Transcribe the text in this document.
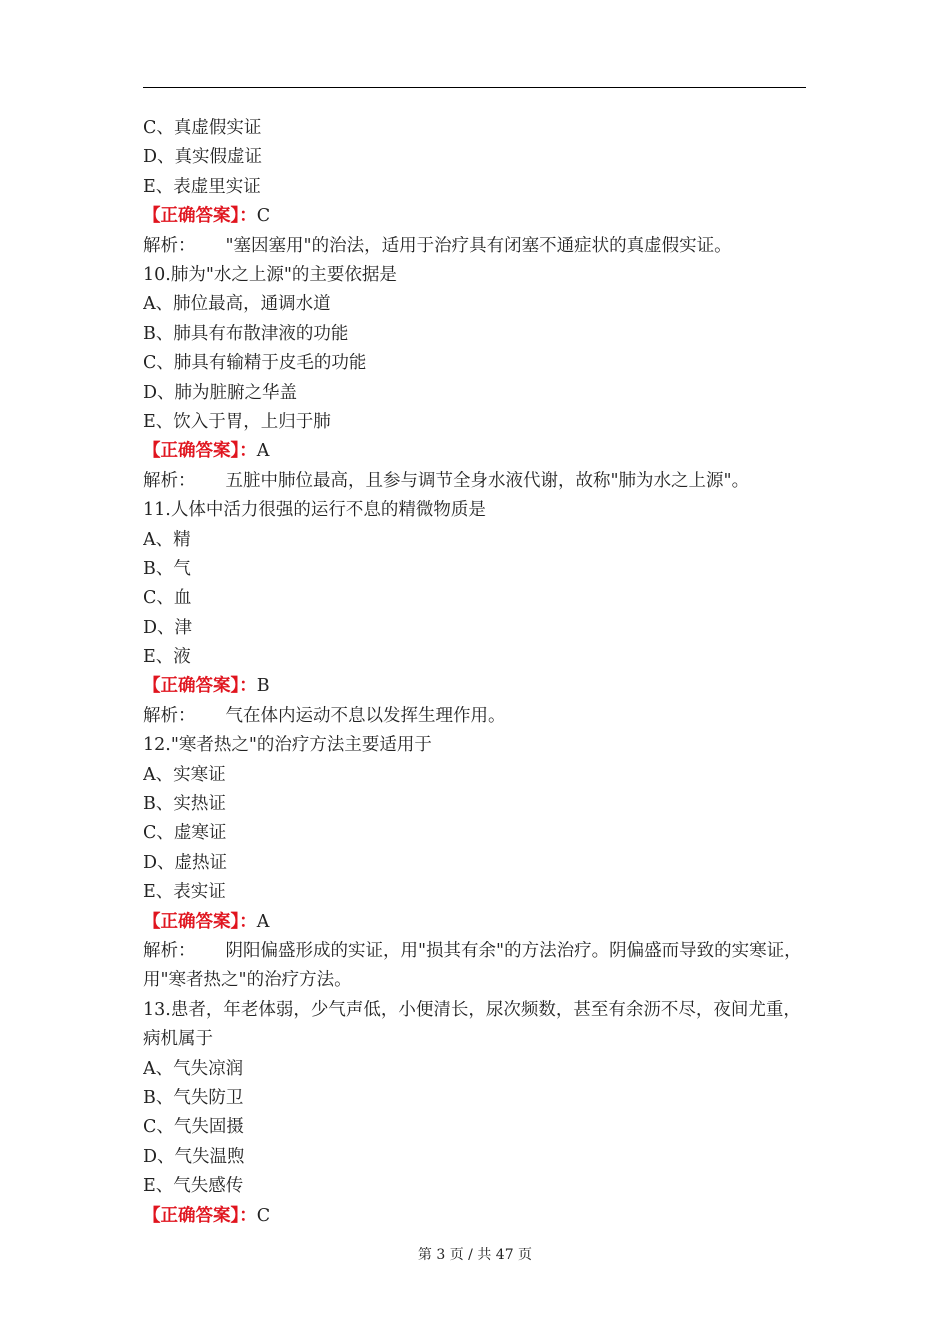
C、真虚假实证
D、真实假虚证
E、表虚里实证
【正确答案】：C
解析： "塞因塞用"的治法，适用于治疗具有闭塞不通症状的真虚假实证。
10.肺为"水之上源"的主要依据是
A、肺位最高，通调水道
B、肺具有布散津液的功能
C、肺具有输精于皮毛的功能
D、肺为脏腑之华盖
E、饮入于胃，上归于肺
【正确答案】：A
解析： 五脏中肺位最高，且参与调节全身水液代谢，故称"肺为水之上源"。
11.人体中活力很强的运行不息的精微物质是
A、精
B、气
C、血
D、津
E、液
【正确答案】：B
解析： 气在体内运动不息以发挥生理作用。
12."寒者热之"的治疗方法主要适用于
A、实寒证
B、实热证
C、虚寒证
D、虚热证
E、表实证
【正确答案】：A
解析： 阴阳偏盛形成的实证，用"损其有余"的方法治疗。阴偏盛而导致的实寒证，用"寒者热之"的治疗方法。
13.患者，年老体弱，少气声低，小便清长，尿次频数，甚至有余沥不尽，夜间尤重，病机属于
A、气失凉润
B、气失防卫
C、气失固摄
D、气失温煦
E、气失感传
【正确答案】：C
第 3 页 / 共 47 页
